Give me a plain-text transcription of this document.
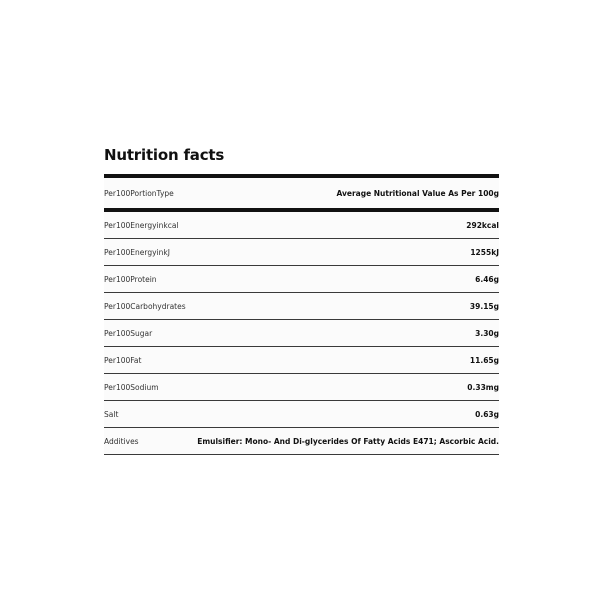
Nutrition facts
Per100PortionType	Average Nutritional Value As Per 100g
Per100Energyinkcal	292kcal
Per100EnergyinkJ	1255kJ
Per100Protein	6.46g
Per100Carbohydrates	39.15g
Per100Sugar	3.30g
Per100Fat	11.65g
Per100Sodium	0.33mg
Salt	0.63g
Additives	Emulsifier: Mono- And Di-glycerides Of Fatty Acids E471; Ascorbic Acid.
